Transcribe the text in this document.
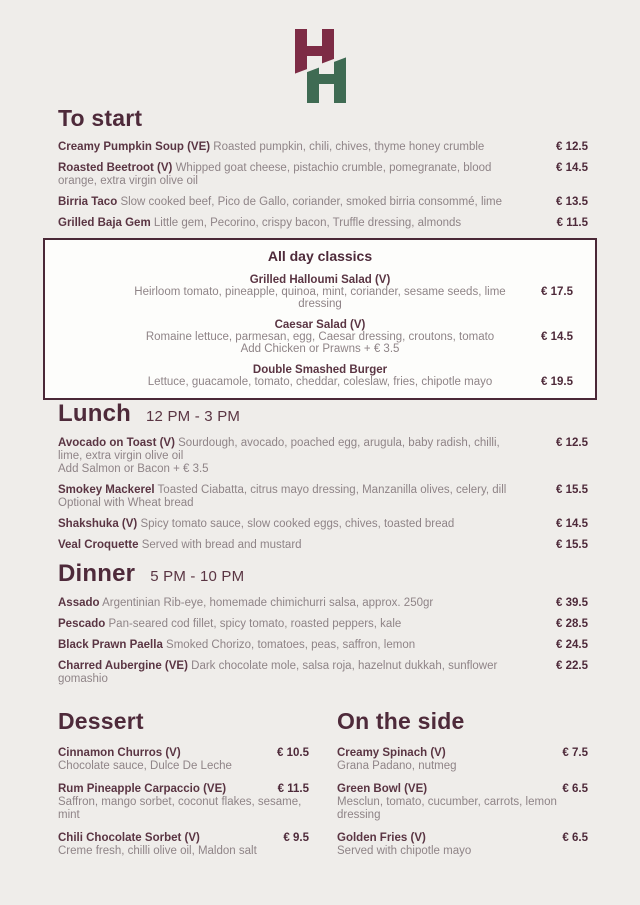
To start
Creamy Pumpkin Soup (VE) Roasted pumpkin, chili, chives, thyme honey crumble	€ 12.5
Roasted Beetroot (V) Whipped goat cheese, pistachio crumble, pomegranate, blood orange, extra virgin olive oil
€ 14.5
Birria Taco Slow cooked beef, Pico de Gallo, coriander, smoked birria consommé, lime	€ 13.5
Grilled Baja Gem Little gem, Pecorino, crispy bacon, Truffle dressing, almonds	€ 11.5
All day classics
Grilled Halloumi Salad (V)
Heirloom tomato, pineapple, quinoa, mint, coriander, sesame seeds, lime dressing
€ 17.5
Caesar Salad (V)
Romaine lettuce, parmesan, egg, Caesar dressing, croutons, tomato
Add Chicken or Prawns + € 3.5
€ 14.5
Double Smashed Burger
Lettuce, guacamole, tomato, cheddar, coleslaw, fries, chipotle mayo	€ 19.5
Lunch 12 PM - 3 PM
Avocado on Toast (V) Sourdough, avocado, poached egg, arugula, baby radish, chilli, lime, extra virgin olive oil
Add Salmon or Bacon + € 3.5
€ 12.5
Smokey Mackerel Toasted Ciabatta, citrus mayo dressing, Manzanilla olives, celery, dill
Optional with Wheat bread
€ 15.5
Shakshuka (V) Spicy tomato sauce, slow cooked eggs, chives, toasted bread	€ 14.5
Veal Croquette Served with bread and mustard	€ 15.5
Dinner 5 PM - 10 PM
Assado Argentinian Rib-eye, homemade chimichurri salsa, approx. 250gr	€ 39.5
Pescado Pan-seared cod fillet, spicy tomato, roasted peppers, kale	€ 28.5
Black Prawn Paella Smoked Chorizo, tomatoes, peas, saffron, lemon	€ 24.5
Charred Aubergine (VE) Dark chocolate mole, salsa roja, hazelnut dukkah, sunflower gomashio
€ 22.5
Dessert
Cinnamon Churros (V)	€ 10.5
Chocolate sauce, Dulce De Leche
Rum Pineapple Carpaccio (VE)	€ 11.5
Saffron, mango sorbet, coconut flakes, sesame, mint
Chili Chocolate Sorbet (V)	€ 9.5
Creme fresh, chilli olive oil, Maldon salt
On the side
Creamy Spinach (V)	€ 7.5
Grana Padano, nutmeg
Green Bowl (VE)	€ 6.5
Mesclun, tomato, cucumber, carrots, lemon dressing
Golden Fries (V)	€ 6.5
Served with chipotle mayo
